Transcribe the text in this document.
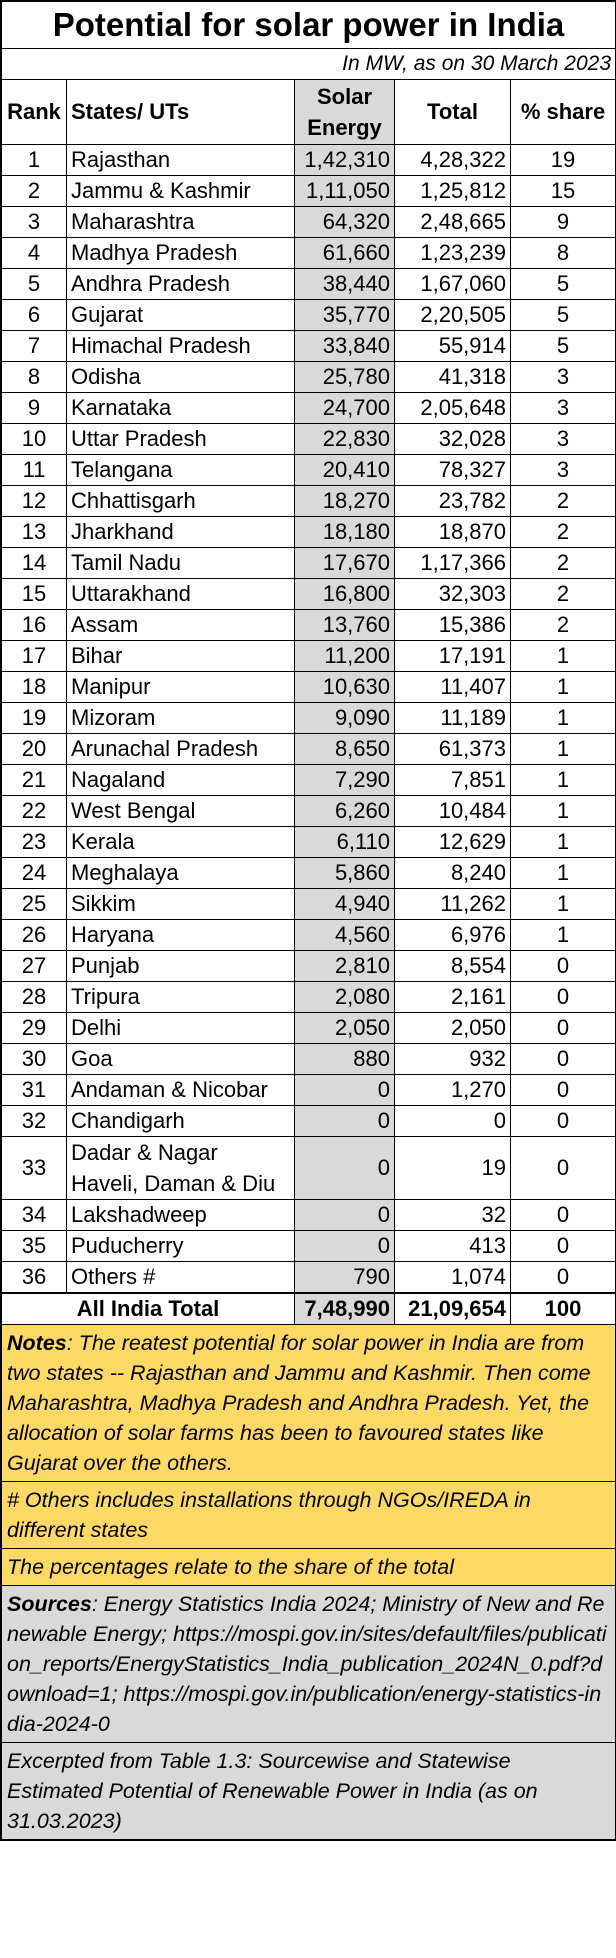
Potential for solar power in India				
In MW, as on 30 March 2023				
Rank	States/ UTs	Solar Energy	Total	% share
1	Rajasthan	1,42,310	4,28,322	19
2	Jammu & Kashmir	1,11,050	1,25,812	15
3	Maharashtra	64,320	2,48,665	9
4	Madhya Pradesh	61,660	1,23,239	8
5	Andhra Pradesh	38,440	1,67,060	5
6	Gujarat	35,770	2,20,505	5
7	Himachal Pradesh	33,840	55,914	5
8	Odisha	25,780	41,318	3
9	Karnataka	24,700	2,05,648	3
10	Uttar Pradesh	22,830	32,028	3
11	Telangana	20,410	78,327	3
12	Chhattisgarh	18,270	23,782	2
13	Jharkhand	18,180	18,870	2
14	Tamil Nadu	17,670	1,17,366	2
15	Uttarakhand	16,800	32,303	2
16	Assam	13,760	15,386	2
17	Bihar	11,200	17,191	1
18	Manipur	10,630	11,407	1
19	Mizoram	9,090	11,189	1
20	Arunachal Pradesh	8,650	61,373	1
21	Nagaland	7,290	7,851	1
22	West Bengal	6,260	10,484	1
23	Kerala	6,110	12,629	1
24	Meghalaya	5,860	8,240	1
25	Sikkim	4,940	11,262	1
26	Haryana	4,560	6,976	1
27	Punjab	2,810	8,554	0
28	Tripura	2,080	2,161	0
29	Delhi	2,050	2,050	0
30	Goa	880	932	0
31	Andaman & Nicobar	0	1,270	0
32	Chandigarh	0	0	0
33	Dadar & Nagar Haveli, Daman & Diu	0	19	0
34	Lakshadweep	0	32	0
35	Puducherry	0	413	0
36	Others #	790	1,074	0
All India Total	7,48,990	21,09,654	100
Notes: The reatest potential for solar power in India are from two states -- Rajasthan and Jammu and Kashmir. Then come Maharashtra, Madhya Pradesh and Andhra Pradesh. Yet, the allocation of solar farms has been to favoured states like Gujarat over the others.
# Others includes installations through NGOs/IREDA in different states
The percentages relate to the share of the total
Sources: Energy Statistics India 2024; Ministry of New and Renewable Energy; https://mospi.gov.in/sites/default/files/publication_reports/EnergyStatistics_India_publication_2024N_0.pdf?download=1; https://mospi.gov.in/publication/energy-statistics-india-2024-0
Excerpted from Table 1.3: Sourcewise and Statewise Estimated Potential of Renewable Power in India (as on 31.03.2023)
